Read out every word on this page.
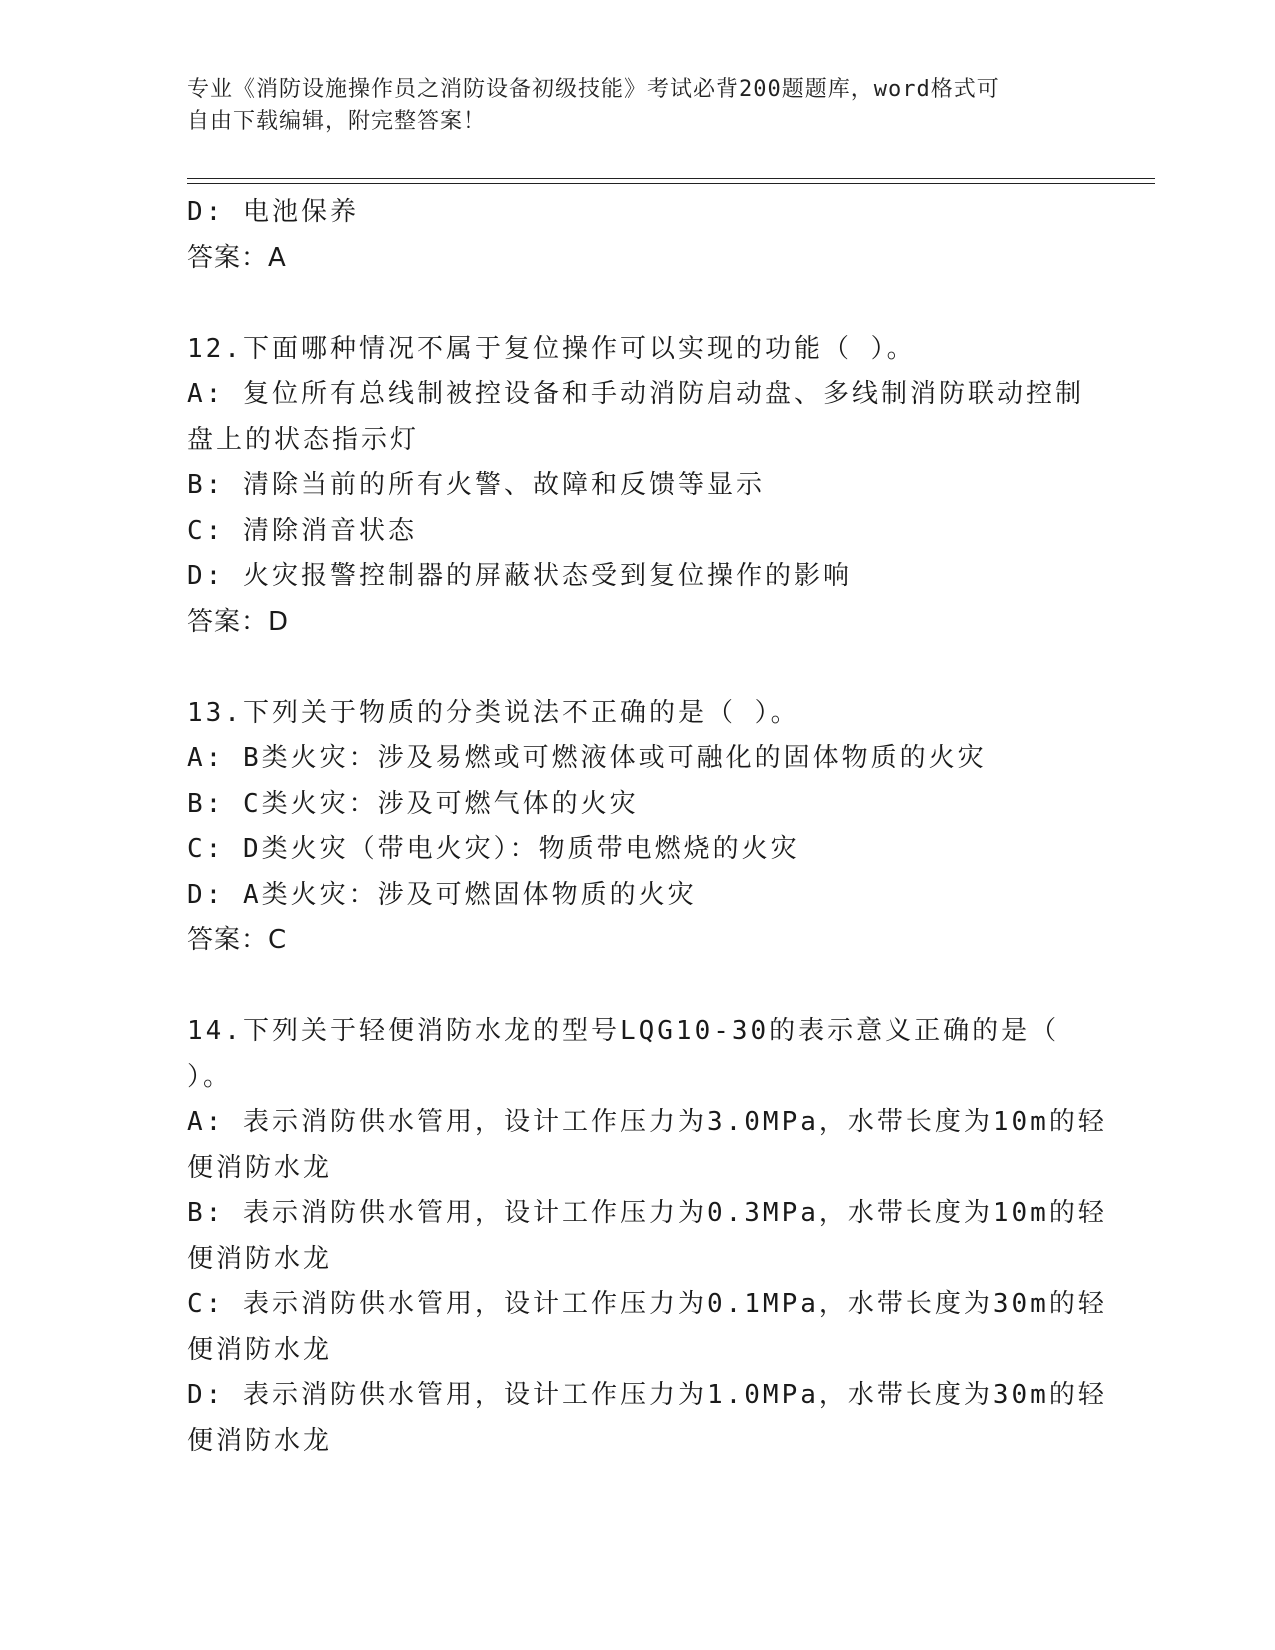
专业《消防设施操作员之消防设备初级技能》考试必背200题题库，word格式可
自由下载编辑，附完整答案！
D: 电池保养
答案：A
12.下面哪种情况不属于复位操作可以实现的功能（ ）。
A: 复位所有总线制被控设备和手动消防启动盘、多线制消防联动控制
盘上的状态指示灯
B: 清除当前的所有火警、故障和反馈等显示
C: 清除消音状态
D: 火灾报警控制器的屏蔽状态受到复位操作的影响
答案：D
13.下列关于物质的分类说法不正确的是（ ）。
A: B类火灾：涉及易燃或可燃液体或可融化的固体物质的火灾
B: C类火灾：涉及可燃气体的火灾
C: D类火灾（带电火灾）：物质带电燃烧的火灾
D: A类火灾：涉及可燃固体物质的火灾
答案：C
14.下列关于轻便消防水龙的型号LQG10-30的表示意义正确的是（
）。
A: 表示消防供水管用，设计工作压力为3.0MPa，水带长度为10m的轻
便消防水龙
B: 表示消防供水管用，设计工作压力为0.3MPa，水带长度为10m的轻
便消防水龙
C: 表示消防供水管用，设计工作压力为0.1MPa，水带长度为30m的轻
便消防水龙
D: 表示消防供水管用，设计工作压力为1.0MPa，水带长度为30m的轻
便消防水龙
